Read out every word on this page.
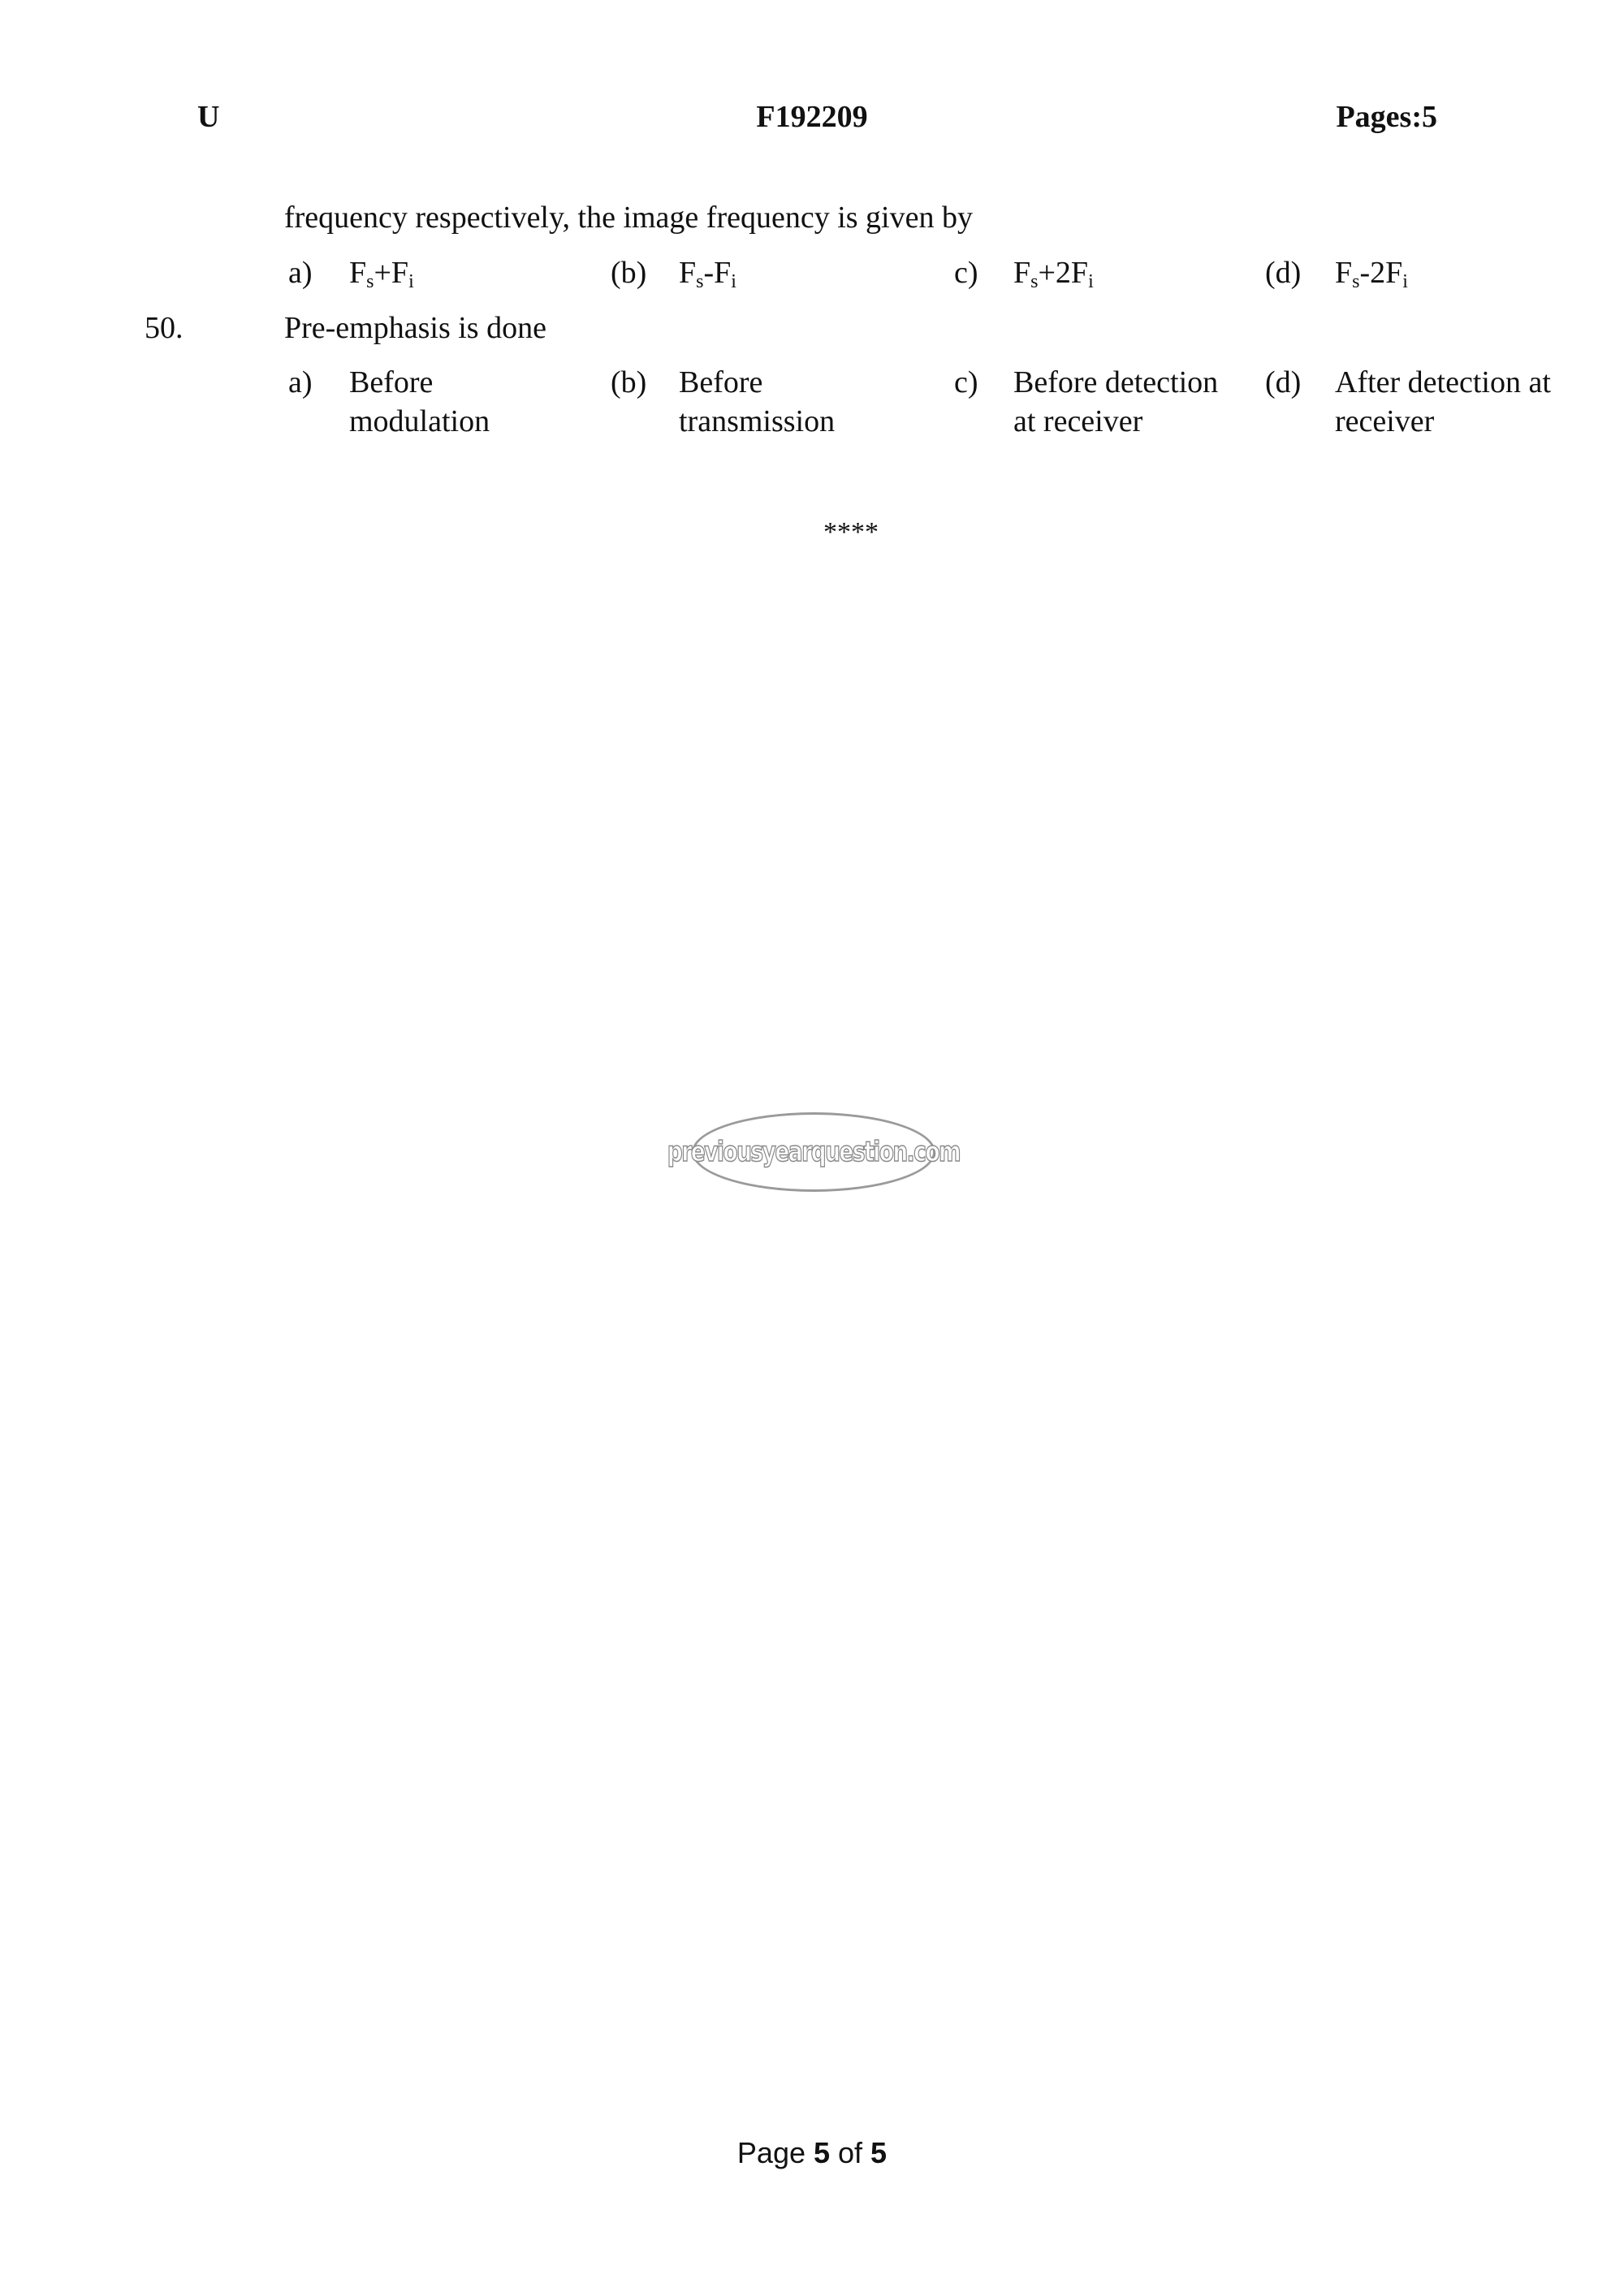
U	F192209	Pages:5
frequency respectively, the image frequency is given by
a) $F_s+F_i$	(b) $F_s-F_i$	c) $F_s+2F_i$	(d) $F_s-2F_i$
50.	Pre-emphasis is done
a) Before
modulation
(b) Before
transmission
c) Before detection
at receiver
(d) After detection at
receiver
****
previousyearquestion.com
Page 5 of 5
